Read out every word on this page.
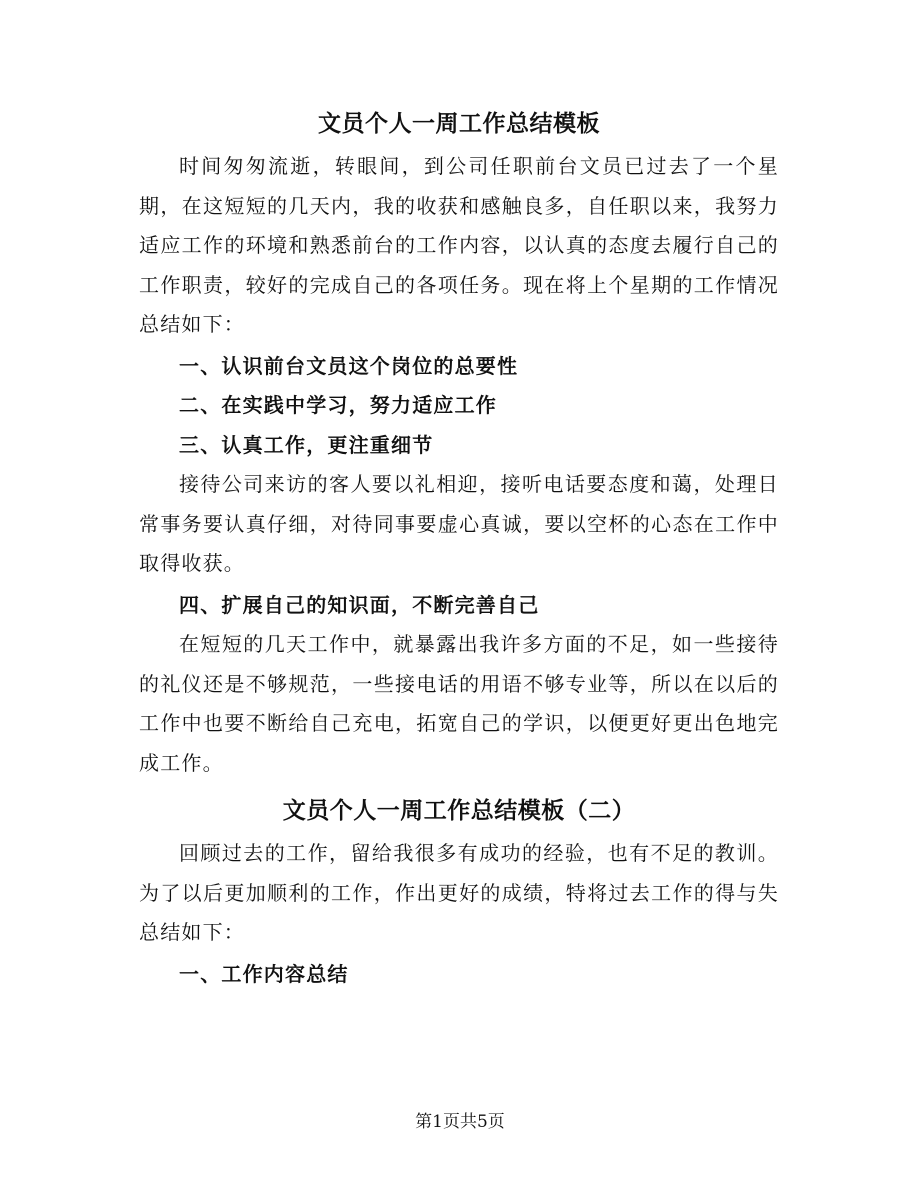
文员个人一周工作总结模板

时间匆匆流逝，转眼间，到公司任职前台文员已过去了一个星期，在这短短的几天内，我的收获和感触良多，自任职以来，我努力适应工作的环境和熟悉前台的工作内容，以认真的态度去履行自己的工作职责，较好的完成自己的各项任务。现在将上个星期的工作情况总结如下：

一、认识前台文员这个岗位的总要性

二、在实践中学习，努力适应工作

三、认真工作，更注重细节

接待公司来访的客人要以礼相迎，接听电话要态度和蔼，处理日常事务要认真仔细，对待同事要虚心真诚，要以空杯的心态在工作中取得收获。

四、扩展自己的知识面，不断完善自己

在短短的几天工作中，就暴露出我许多方面的不足，如一些接待的礼仪还是不够规范，一些接电话的用语不够专业等，所以在以后的工作中也要不断给自己充电，拓宽自己的学识，以便更好更出色地完成工作。

文员个人一周工作总结模板（二）

回顾过去的工作，留给我很多有成功的经验，也有不足的教训。为了以后更加顺利的工作，作出更好的成绩，特将过去工作的得与失总结如下：

一、工作内容总结

第1页共5页
